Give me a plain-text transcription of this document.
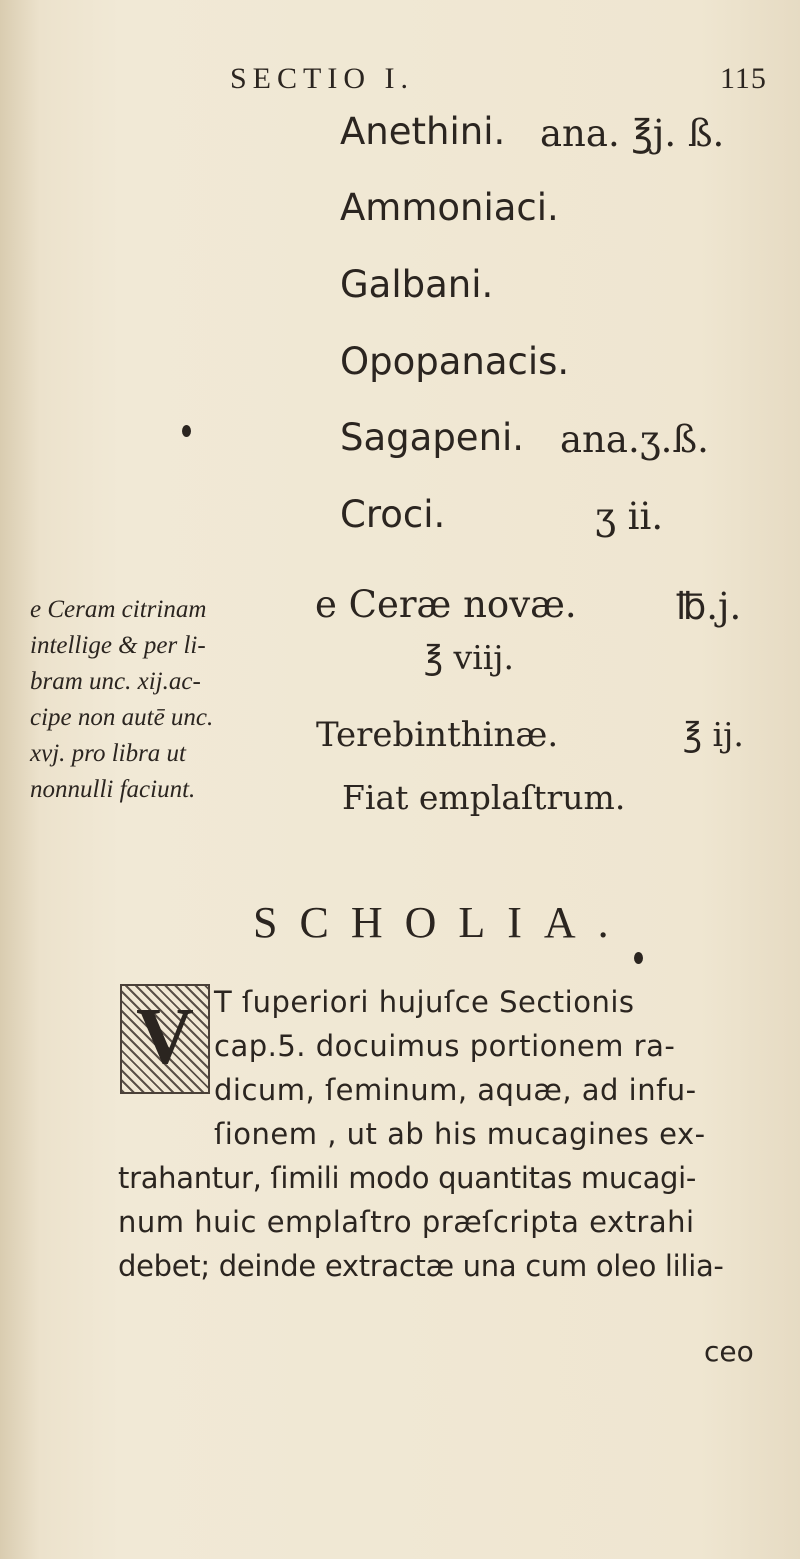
SECTIO I.	115
Anethini. ana. ℥j. ß.
Ammoniaci.
Galbani.
Opopanacis.
Sagapeni. ana.ʒ.ß.
Croci.	ʒ ii.
e Ceræ novæ.	℔.j.
℥ viij.
Terebinthinæ.	℥ ij.
Fiat emplaſtrum.
e Ceram citrinam
intellige & per li-
bram unc. xij.ac-
cipe non autē unc.
xvj. pro libra ut
nonnulli faciunt.
SCHOLIA.
V T ſuperiori hujuſce Sectionis
cap.5. docuimus portionem ra-
dicum, ſeminum, aquæ, ad infu-
ſionem , ut ab his mucagines ex-
trahantur, ſimili modo quantitas mucagi-
num huic emplaſtro præſcripta extrahi
debet; deinde extractæ una cum oleo lilia-
ceo
